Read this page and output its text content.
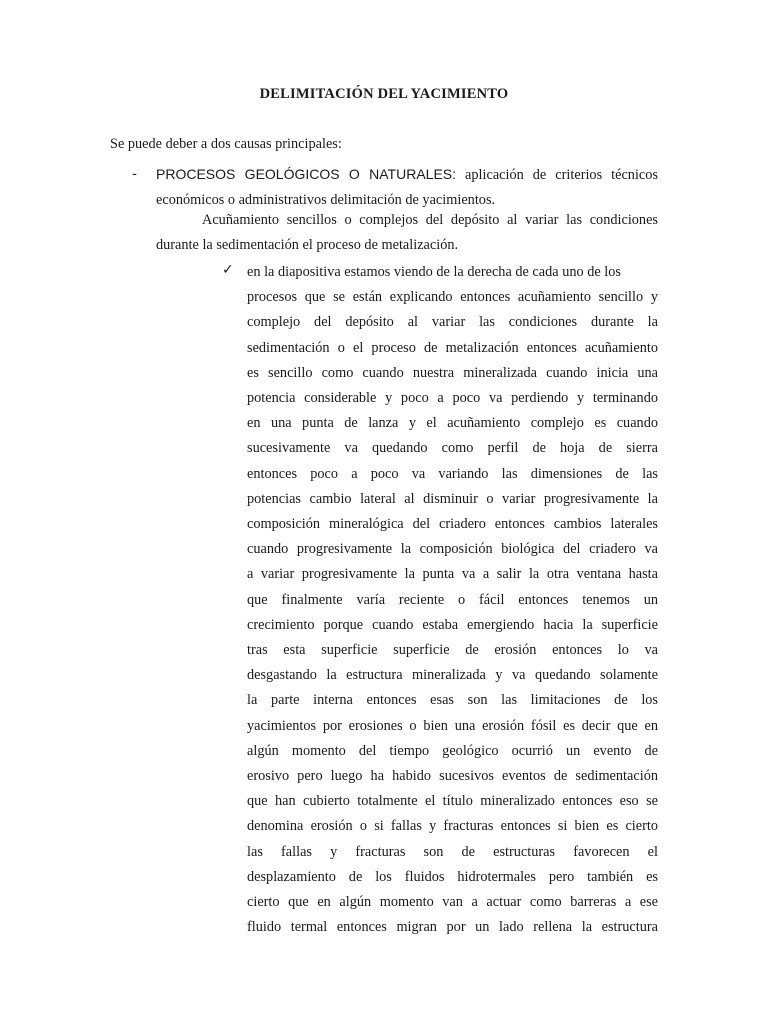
DELIMITACIÓN DEL YACIMIENTO

Se puede deber a dos causas principales:

- PROCESOS GEOLÓGICOS O NATURALES: aplicación de criterios técnicos económicos o administrativos delimitación de yacimientos.

Acuñamiento sencillos o complejos del depósito al variar las condiciones durante la sedimentación el proceso de metalización.

✓ en la diapositiva estamos viendo de la derecha de cada uno de los
procesos que se están explicando entonces acuñamiento sencillo y
complejo del depósito al variar las condiciones durante la
sedimentación o el proceso de metalización entonces acuñamiento
es sencillo como cuando nuestra mineralizada cuando inicia una
potencia considerable y poco a poco va perdiendo y terminando
en una punta de lanza y el acuñamiento complejo es cuando
sucesivamente va quedando como perfil de hoja de sierra
entonces poco a poco va variando las dimensiones de las
potencias cambio lateral al disminuir o variar progresivamente la
composición mineralógica del criadero entonces cambios laterales
cuando progresivamente la composición biológica del criadero va
a variar progresivamente la punta va a salir la otra ventana hasta
que finalmente varía reciente o fácil entonces tenemos un
crecimiento porque cuando estaba emergiendo hacia la superficie
tras esta superficie superficie de erosión entonces lo va
desgastando la estructura mineralizada y va quedando solamente
la parte interna entonces esas son las limitaciones de los
yacimientos por erosiones o bien una erosión fósil es decir que en
algún momento del tiempo geológico ocurrió un evento de
erosivo pero luego ha habido sucesivos eventos de sedimentación
que han cubierto totalmente el título mineralizado entonces eso se
denomina erosión o si fallas y fracturas entonces si bien es cierto
las fallas y fracturas son de estructuras favorecen el
desplazamiento de los fluidos hidrotermales pero también es
cierto que en algún momento van a actuar como barreras a ese
fluido termal entonces migran por un lado rellena la estructura
